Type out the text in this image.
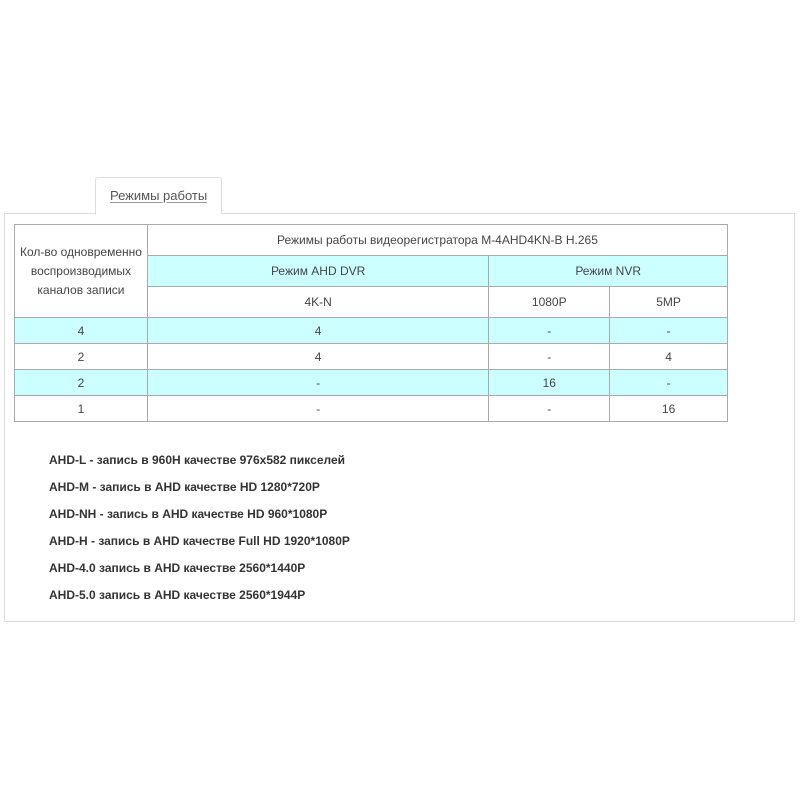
Режимы работы
Кол-во одновременно воспроизводимых каналов записи	Режимы работы видеорегистратора M-4AHD4KN-B H.265		
	Режим AHD DVR	Режим NVR	
	4K-N	1080P	5MP
4	4	-	-
2	4	-	4
2	-	16	-
1	-	-	16
AHD-L - запись в 960H качестве 976x582 пикселей
AHD-M - запись в AHD качестве HD 1280*720P
AHD-NH - запись в AHD качестве HD 960*1080P
AHD-H - запись в AHD качестве Full HD 1920*1080P
AHD-4.0 запись в AHD качестве 2560*1440P
AHD-5.0 запись в AHD качестве 2560*1944P
